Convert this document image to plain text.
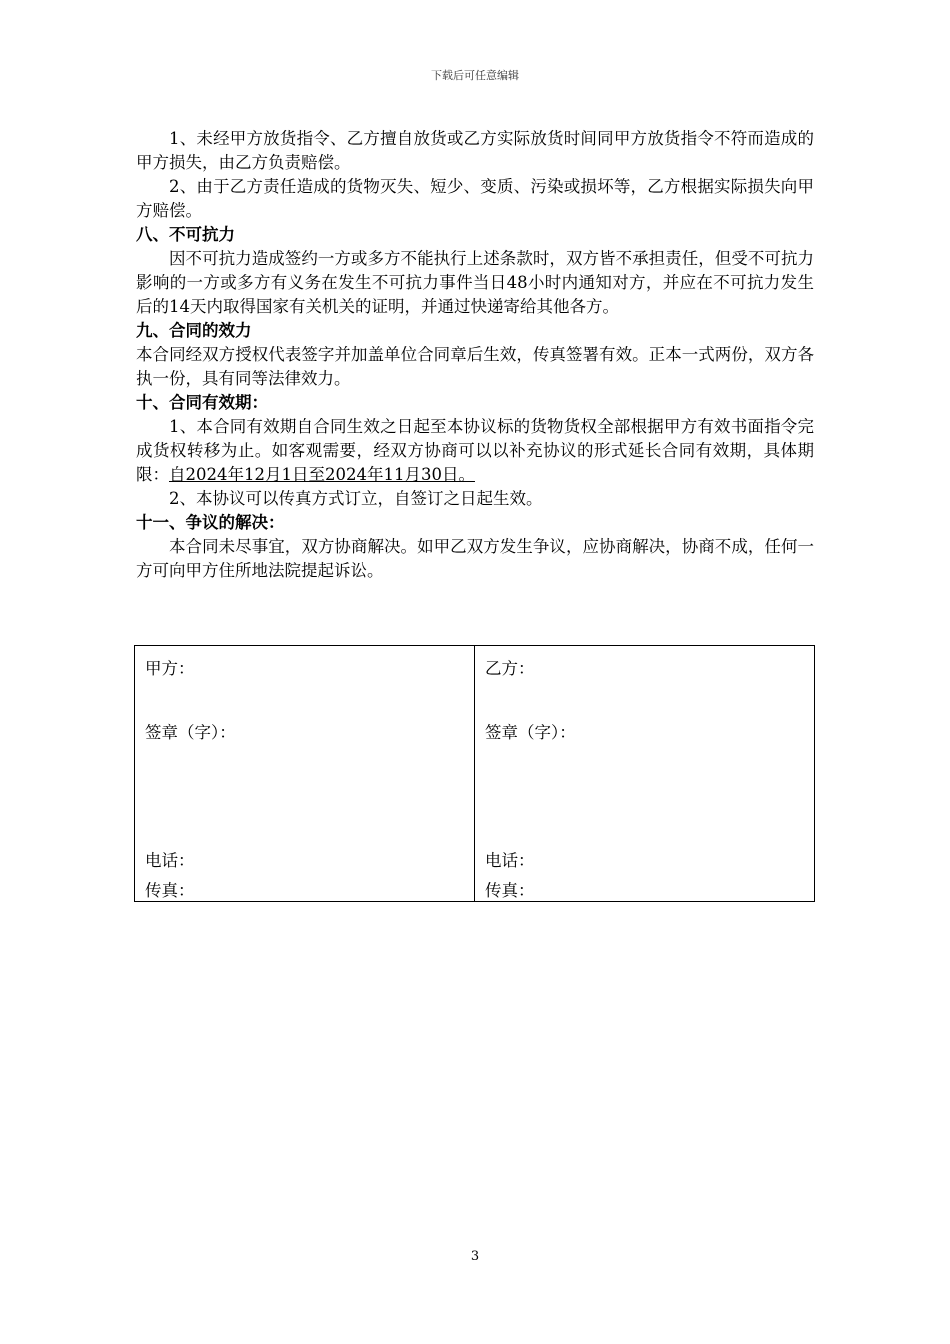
下载后可任意编辑

1、未经甲方放货指令、乙方擅自放货或乙方实际放货时间同甲方放货指令不符而造成的甲方损失，由乙方负责赔偿。

2、由于乙方责任造成的货物灭失、短少、变质、污染或损坏等，乙方根据实际损失向甲方赔偿。

八、不可抗力

因不可抗力造成签约一方或多方不能执行上述条款时，双方皆不承担责任，但受不可抗力影响的一方或多方有义务在发生不可抗力事件当日48小时内通知对方，并应在不可抗力发生后的14天内取得国家有关机关的证明，并通过快递寄给其他各方。

九、合同的效力

本合同经双方授权代表签字并加盖单位合同章后生效，传真签署有效。正本一式两份，双方各执一份，具有同等法律效力。

十、合同有效期：

1、本合同有效期自合同生效之日起至本协议标的货物货权全部根据甲方有效书面指令完成货权转移为止。如客观需要，经双方协商可以以补充协议的形式延长合同有效期，具体期限：自2024年12月1日至2024年11月30日。

2、本协议可以传真方式订立，自签订之日起生效。

十一、争议的解决：

本合同未尽事宜，双方协商解决。如甲乙双方发生争议，应协商解决，协商不成，任何一方可向甲方住所地法院提起诉讼。

甲方：
签章（字）：
电话：
传真：

乙方：
签章（字）：
电话：
传真：
3
